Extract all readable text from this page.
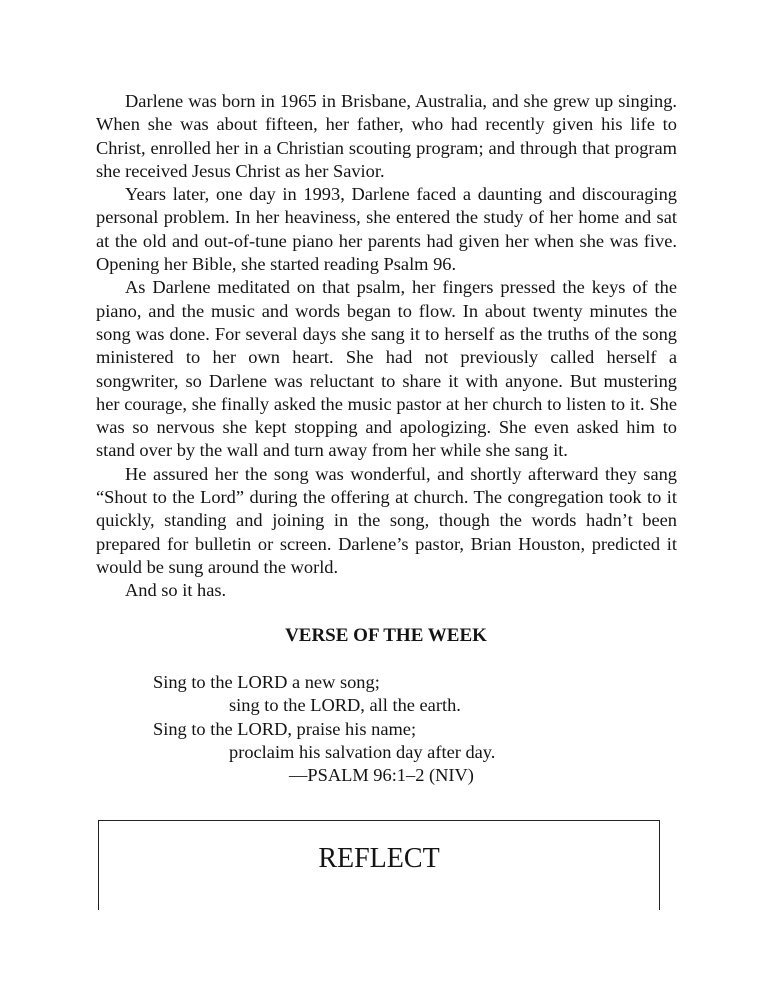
Darlene was born in 1965 in Brisbane, Australia, and she grew up singing. When she was about fifteen, her father, who had recently given his life to Christ, enrolled her in a Christian scouting program; and through that program she received Jesus Christ as her Savior.

Years later, one day in 1993, Darlene faced a daunting and discouraging personal problem. In her heaviness, she entered the study of her home and sat at the old and out-of-tune piano her parents had given her when she was five. Opening her Bible, she started reading Psalm 96.

As Darlene meditated on that psalm, her fingers pressed the keys of the piano, and the music and words began to flow. In about twenty minutes the song was done. For several days she sang it to herself as the truths of the song ministered to her own heart. She had not previously called herself a songwriter, so Darlene was reluctant to share it with anyone. But mustering her courage, she finally asked the music pastor at her church to listen to it. She was so nervous she kept stopping and apologizing. She even asked him to stand over by the wall and turn away from her while she sang it.

He assured her the song was wonderful, and shortly afterward they sang “Shout to the Lord” during the offering at church. The congregation took to it quickly, standing and joining in the song, though the words hadn’t been prepared for bulletin or screen. Darlene’s pastor, Brian Houston, predicted it would be sung around the world.

And so it has.

VERSE OF THE WEEK
Sing to the LORD a new song;
sing to the LORD, all the earth.
Sing to the LORD, praise his name;
proclaim his salvation day after day.
—PSALM 96:1–2 (NIV)
REFLECT
